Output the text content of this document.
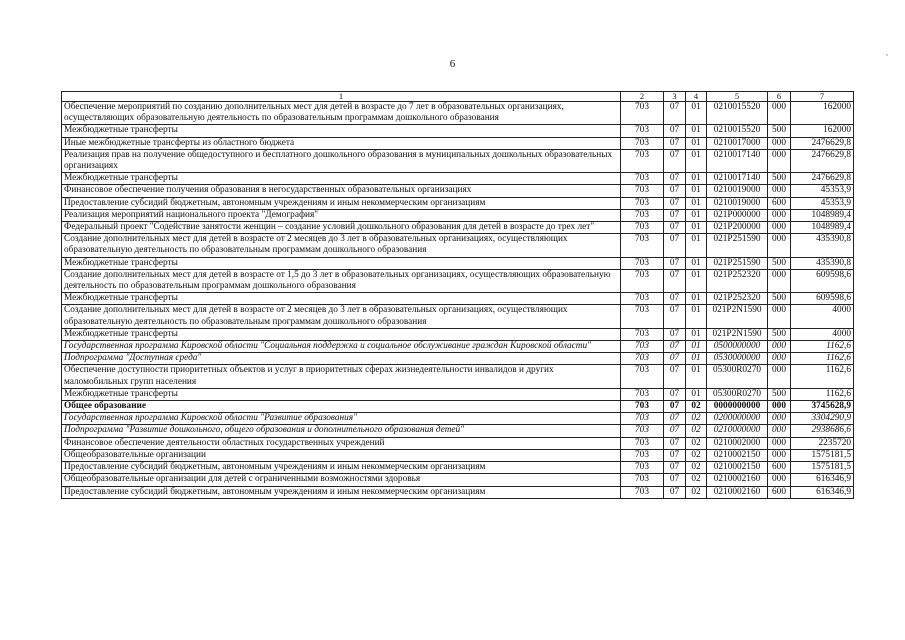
6
,
1	2	3	4	5	6	7
Обеспечение мероприятий по созданию дополнительных мест для детей в возрасте до 7 лет в образовательных организациях, осуществляющих образовательную деятельность по образовательным программам дошкольного образования	703	07	01	0210015520	000	162000
Межбюджетные трансферты	703	07	01	0210015520	500	162000
Иные межбюджетные трансферты из областного бюджета	703	07	01	0210017000	000	2476629,8
Реализация прав на получение общедоступного и бесплатного дошкольного образования в муниципальных дошкольных образовательных организациях	703	07	01	0210017140	000	2476629,8
Межбюджетные трансферты	703	07	01	0210017140	500	2476629,8
Финансовое обеспечение получения образования в негосударственных образовательных организациях	703	07	01	0210019000	000	45353,9
Предоставление субсидий бюджетным, автономным учреждениям и иным некоммерческим организациям	703	07	01	0210019000	600	45353,9
Реализация мероприятий национального проекта "Демография"	703	07	01	021P000000	000	1048989,4
Федеральный проект "Содействие занятости женщин – создание условий дошкольного образования для детей в возрасте до трех лет"	703	07	01	021P200000	000	1048989,4
Создание дополнительных мест для детей в возрасте от 2 месяцев до 3 лет в образовательных организациях, осуществляющих образовательную деятельность по образовательным программам дошкольного образования	703	07	01	021P251590	000	435390,8
Межбюджетные трансферты	703	07	01	021P251590	500	435390,8
Создание дополнительных мест для детей в возрасте от 1,5 до 3 лет в образовательных организациях, осуществляющих образовательную деятельность по образовательным программам дошкольного образования	703	07	01	021P252320	000	609598,6
Межбюджетные трансферты	703	07	01	021P252320	500	609598,6
Создание дополнительных мест для детей в возрасте от 2 месяцев до 3 лет в образовательных организациях, осуществляющих образовательную деятельность по образовательным программам дошкольного образования	703	07	01	021P2N1590	000	4000
Межбюджетные трансферты	703	07	01	021P2N1590	500	4000
Государственная программа Кировской области "Социальная поддержка и социальное обслуживание граждан Кировской области"	703	07	01	0500000000	000	1162,6
Подпрограмма "Доступная среда"	703	07	01	0530000000	000	1162,6
Обеспечение доступности приоритетных объектов и услуг в приоритетных сферах жизнедеятельности инвалидов и других маломобильных групп населения	703	07	01	05300R0270	000	1162,6
Межбюджетные трансферты	703	07	01	05300R0270	500	1162,6
Общее образование	703	07	02	0000000000	000	3745628,9
Государственная программа Кировской области "Развитие образования"	703	07	02	0200000000	000	3304290,9
Подпрограмма "Развитие дошкольного, общего образования и дополнительного образования детей"	703	07	02	0210000000	000	2938686,6
Финансовое обеспечение деятельности областных государственных учреждений	703	07	02	0210002000	000	2235720
Общеобразовательные организации	703	07	02	0210002150	000	1575181,5
Предоставление субсидий бюджетным, автономным учреждениям и иным некоммерческим организациям	703	07	02	0210002150	600	1575181,5
Общеобразовательные организации для детей с ограниченными возможностями здоровья	703	07	02	0210002160	000	616346,9
Предоставление субсидий бюджетным, автономным учреждениям и иным некоммерческим организациям	703	07	02	0210002160	600	616346,9
